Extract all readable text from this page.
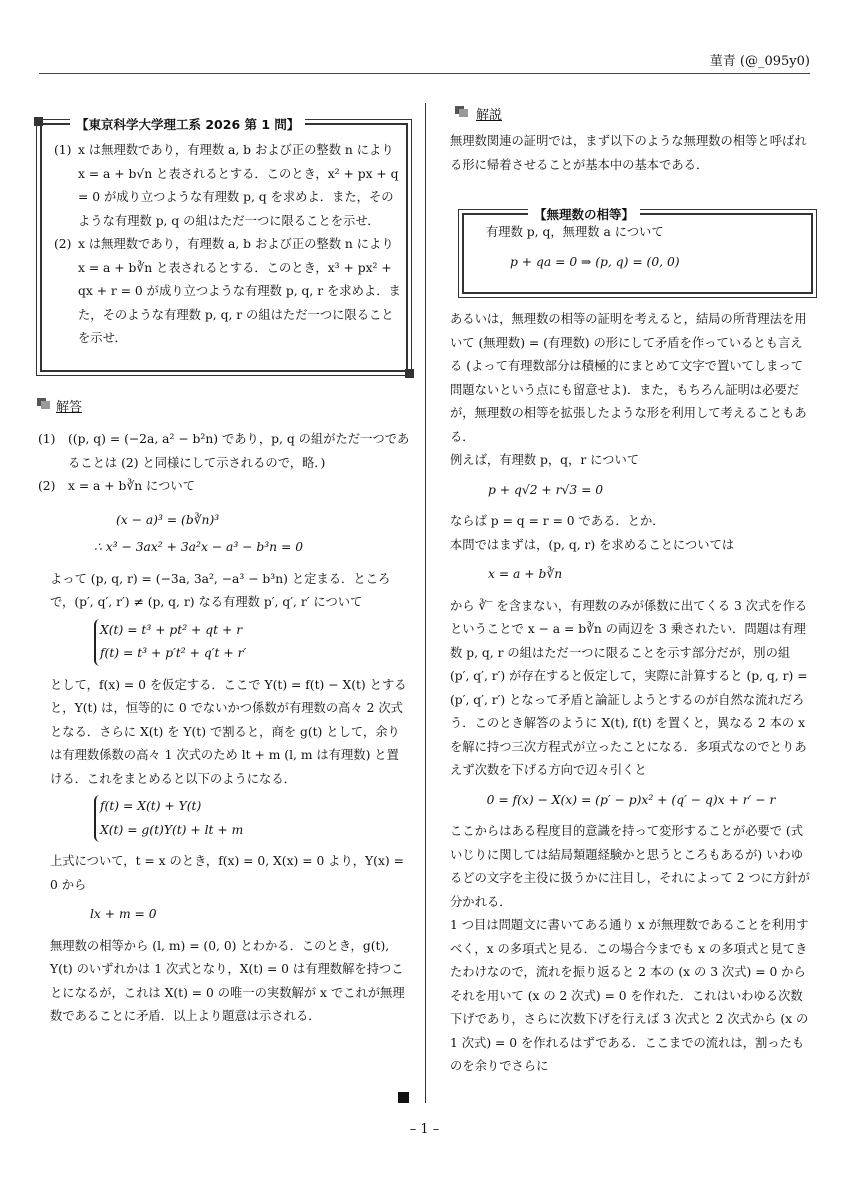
菫青 (@_095y0)
【東京科学大学理工系 2026 第 1 問】

(1) x は無理数であり，有理数 a, b および正の整数 n により x = a + b√n と表されるとする．このとき，x² + px + q = 0 が成り立つような有理数 p, q を求めよ．また，そのような有理数 p, q の組はただ一つに限ることを示せ．

(2) x は無理数であり，有理数 a, b および正の整数 n により x = a + b∛n と表されるとする．このとき，x³ + px² + qx + r = 0 が成り立つような有理数 p, q, r を求めよ．また，そのような有理数 p, q, r の組はただ一つに限ることを示せ．

解答

(1) ((p, q) = (−2a, a² − b²n) であり，p, q の組がただ一つであることは (2) と同様にして示されるので，略．)

(2) x = a + b∛n について

(x − a)³ = (b∛n)³

∴ x³ − 3ax² + 3a²x − a³ − b³n = 0

よって (p, q, r) = (−3a, 3a², −a³ − b³n) と定まる．ところで，(p′, q′, r′) ≠ (p, q, r) なる有理数 p′, q′, r′ について

X(t) = t³ + pt² + qt + r
f(t) = t³ + p′t² + q′t + r′

として，f(x) = 0 を仮定する．ここで Y(t) = f(t) − X(t) とすると，Y(t) は，恒等的に 0 でないかつ係数が有理数の高々 2 次式となる．さらに X(t) を Y(t) で割ると，商を g(t) として，余りは有理数係数の高々 1 次式のため lt + m (l, m は有理数) と置ける．これをまとめると以下のようになる．

f(t) = X(t) + Y(t)
X(t) = g(t)Y(t) + lt + m

上式について，t = x のとき，f(x) = 0, X(x) = 0 より，Y(x) = 0 から

lx + m = 0

無理数の相等から (l, m) = (0, 0) とわかる．このとき，g(t), Y(t) のいずれかは 1 次式となり，X(t) = 0 は有理数解を持つことになるが，これは X(t) = 0 の唯一の実数解が x でこれが無理数であることに矛盾．以上より題意は示される．

解説

無理数関連の証明では，まず以下のような無理数の相等と呼ばれる形に帰着させることが基本中の基本である．

【無理数の相等】
有理数 p, q，無理数 a について
p + qa = 0 ⇒ (p, q) = (0, 0)

あるいは，無理数の相等の証明を考えると，結局の所背理法を用いて (無理数) = (有理数) の形にして矛盾を作っているとも言える (よって有理数部分は積極的にまとめて文字で置いてしまって問題ないという点にも留意せよ)．また，もちろん証明は必要だが，無理数の相等を拡張したような形を利用して考えることもある．

例えば，有理数 p，q，r について

p + q√2 + r√3 = 0

ならば p = q = r = 0 である．とか．

本問ではまずは，(p, q, r) を求めることについては

x = a + b∛n

から ∛‾ を含まない，有理数のみが係数に出てくる 3 次式を作るということで x − a = b∛n の両辺を 3 乗されたい．問題は有理数 p, q, r の組はただ一つに限ることを示す部分だが，別の組 (p′, q′, r′) が存在すると仮定して，実際に計算すると (p, q, r) = (p′, q′, r′) となって矛盾と論証しようとするのが自然な流れだろう．このとき解答のように X(t), f(t) を置くと，異なる 2 本の x を解に持つ三次方程式が立ったことになる．多項式なのでとりあえず次数を下げる方向で辺々引くと

0 = f(x) − X(x) = (p′ − p)x² + (q′ − q)x + r′ − r

ここからはある程度目的意識を持って変形することが必要で (式いじりに関しては結局類題経験かと思うところもあるが) いわゆるどの文字を主役に扱うかに注目し，それによって 2 つに方針が分かれる．

1 つ目は問題文に書いてある通り x が無理数であることを利用すべく，x の多項式と見る．この場合今までも x の多項式と見てきたわけなので，流れを振り返ると 2 本の (x の 3 次式) = 0 からそれを用いて (x の 2 次式) = 0 を作れた．これはいわゆる次数下げであり，さらに次数下げを行えば 3 次式と 2 次式から (x の 1 次式) = 0 を作れるはずである．ここまでの流れは，割ったものを余りでさらに

– 1 –
